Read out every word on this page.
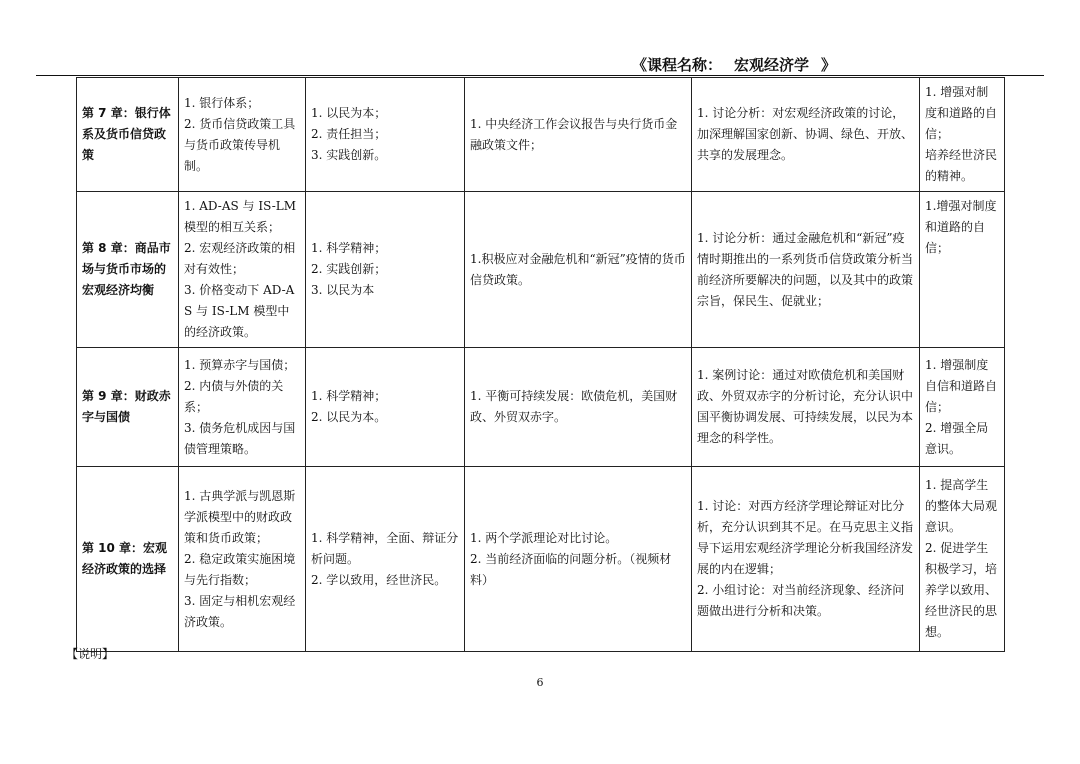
《课程名称： 宏观经济学 》
第 7 章：银行体系及货币信贷政策	1. 银行体系；
2. 货币信贷政策工具与货币政策传导机制。	1. 以民为本；
2. 责任担当；
3. 实践创新。	1. 中央经济工作会议报告与央行货币金融政策文件；	1. 讨论分析：对宏观经济政策的讨论，加深理解国家创新、协调、绿色、开放、共享的发展理念。	1. 增强对制度和道路的自信；
培养经世济民的精神。

第 8 章：商品市场与货币市场的宏观经济均衡	1. AD-AS 与 IS-LM 模型的相互关系；
2. 宏观经济政策的相对有效性；
3. 价格变动下 AD-AS 与 IS-LM 模型中的经济政策。	1. 科学精神；
2. 实践创新；
3. 以民为本	1.积极应对金融危机和“新冠”疫情的货币信贷政策。	1. 讨论分析：通过金融危机和“新冠”疫情时期推出的一系列货币信贷政策分析当前经济所要解决的问题，以及其中的政策宗旨，保民生、促就业；	1.增强对制度和道路的自信；

第 9 章：财政赤字与国债	1. 预算赤字与国债；
2. 内债与外债的关系；
3. 债务危机成因与国债管理策略。	1. 科学精神；
2. 以民为本。	1. 平衡可持续发展：欧债危机，美国财政、外贸双赤字。	1. 案例讨论：通过对欧债危机和美国财政、外贸双赤字的分析讨论，充分认识中国平衡协调发展、可持续发展，以民为本理念的科学性。	1. 增强制度自信和道路自信；
2. 增强全局意识。

第 10 章：宏观经济政策的选择	1. 古典学派与凯恩斯学派模型中的财政政策和货币政策；
2. 稳定政策实施困境与先行指数；
3. 固定与相机宏观经济政策。	1. 科学精神，全面、辩证分析问题。
2. 学以致用，经世济民。	1. 两个学派理论对比讨论。
2. 当前经济面临的问题分析。（视频材料）	1. 讨论：对西方经济学理论辩证对比分析，充分认识到其不足。在马克思主义指导下运用宏观经济学理论分析我国经济发展的内在逻辑；
2. 小组讨论：对当前经济现象、经济问题做出进行分析和决策。	1. 提高学生的整体大局观意识。
2. 促进学生积极学习，培养学以致用、经世济民的思想。
【说明】
6
